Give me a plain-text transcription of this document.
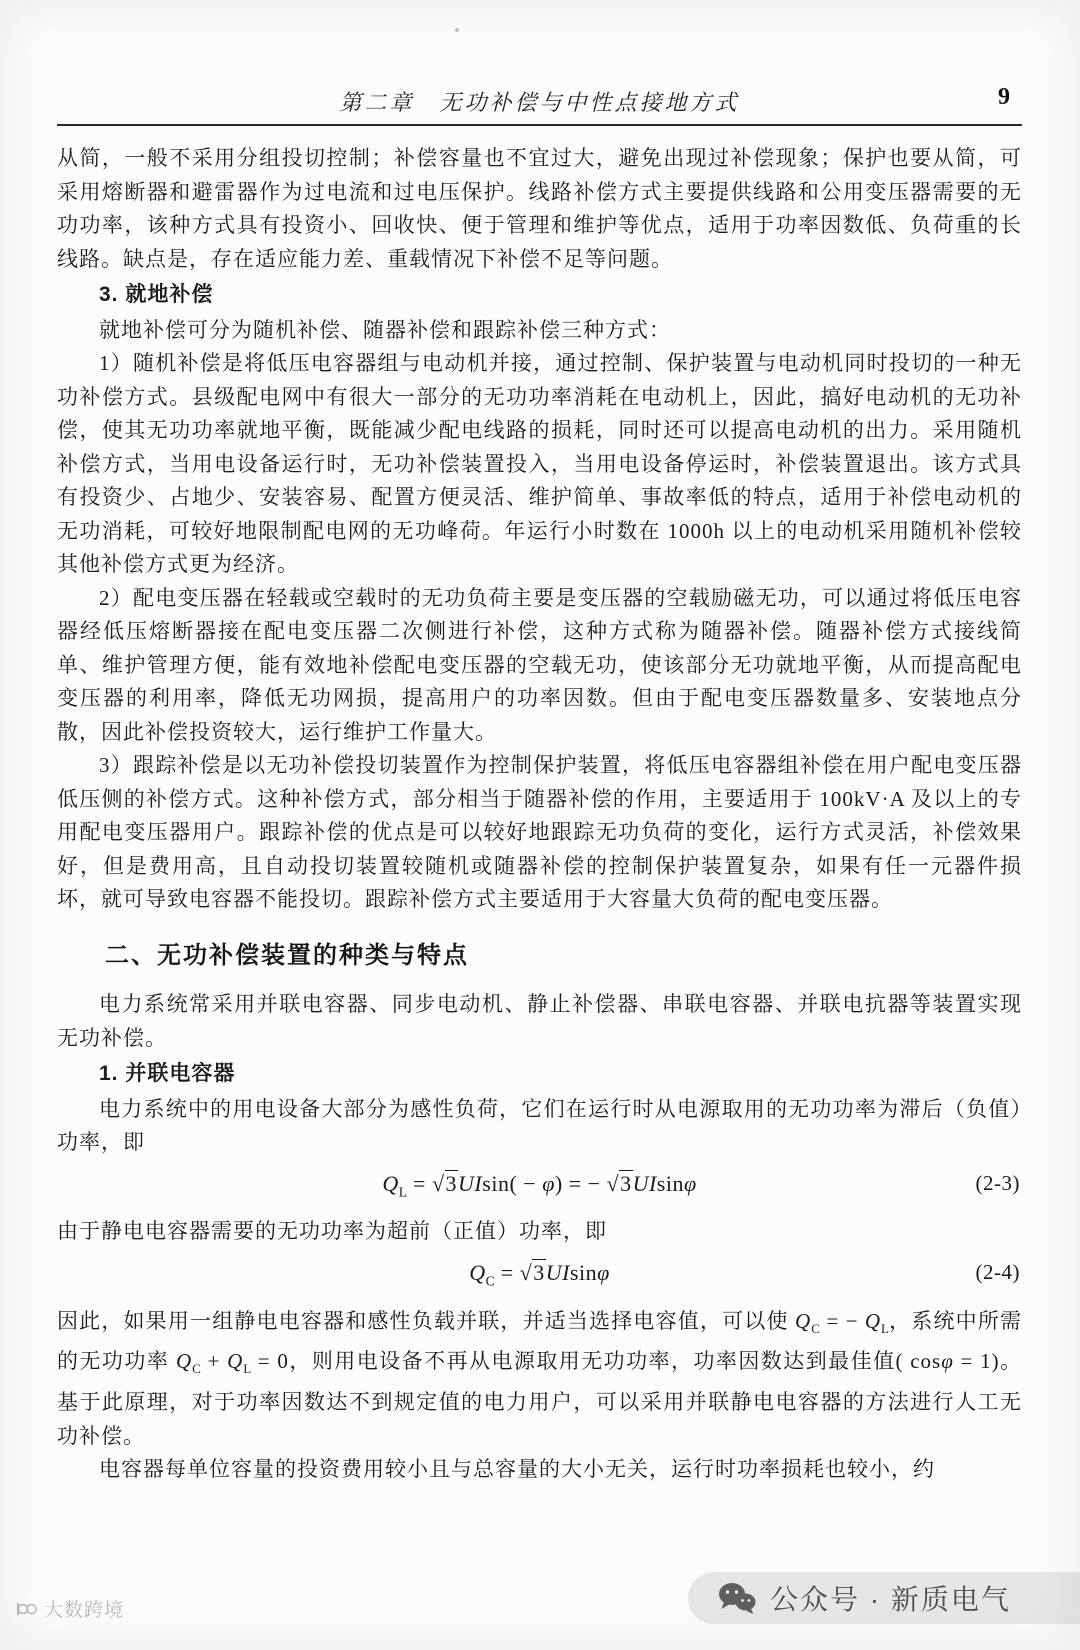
第二章　无功补偿与中性点接地方式	9

从简，一般不采用分组投切控制；补偿容量也不宜过大，避免出现过补偿现象；保护也要从简，可采用熔断器和避雷器作为过电流和过电压保护。线路补偿方式主要提供线路和公用变压器需要的无功功率，该种方式具有投资小、回收快、便于管理和维护等优点，适用于功率因数低、负荷重的长线路。缺点是，存在适应能力差、重载情况下补偿不足等问题。

3. 就地补偿

就地补偿可分为随机补偿、随器补偿和跟踪补偿三种方式：

1）随机补偿是将低压电容器组与电动机并接，通过控制、保护装置与电动机同时投切的一种无功补偿方式。县级配电网中有很大一部分的无功功率消耗在电动机上，因此，搞好电动机的无功补偿，使其无功功率就地平衡，既能减少配电线路的损耗，同时还可以提高电动机的出力。采用随机补偿方式，当用电设备运行时，无功补偿装置投入，当用电设备停运时，补偿装置退出。该方式具有投资少、占地少、安装容易、配置方便灵活、维护简单、事故率低的特点，适用于补偿电动机的无功消耗，可较好地限制配电网的无功峰荷。年运行小时数在 1000h 以上的电动机采用随机补偿较其他补偿方式更为经济。

2）配电变压器在轻载或空载时的无功负荷主要是变压器的空载励磁无功，可以通过将低压电容器经低压熔断器接在配电变压器二次侧进行补偿，这种方式称为随器补偿。随器补偿方式接线简单、维护管理方便，能有效地补偿配电变压器的空载无功，使该部分无功就地平衡，从而提高配电变压器的利用率，降低无功网损，提高用户的功率因数。但由于配电变压器数量多、安装地点分散，因此补偿投资较大，运行维护工作量大。

3）跟踪补偿是以无功补偿投切装置作为控制保护装置，将低压电容器组补偿在用户配电变压器低压侧的补偿方式。这种补偿方式，部分相当于随器补偿的作用，主要适用于 100kV·A 及以上的专用配电变压器用户。跟踪补偿的优点是可以较好地跟踪无功负荷的变化，运行方式灵活，补偿效果好，但是费用高，且自动投切装置较随机或随器补偿的控制保护装置复杂，如果有任一元器件损坏，就可导致电容器不能投切。跟踪补偿方式主要适用于大容量大负荷的配电变压器。

二、无功补偿装置的种类与特点

电力系统常采用并联电容器、同步电动机、静止补偿器、串联电容器、并联电抗器等装置实现无功补偿。

1. 并联电容器

电力系统中的用电设备大部分为感性负荷，它们在运行时从电源取用的无功功率为滞后（负值）功率，即

$Q_L = √3UIsin( - \varphi)$ = − √3UIsinφ	(2-3)

由于静电电容器需要的无功功率为超前（正值）功率，即

$Q_C = √3UIsin\varphi$	(2-4)

因此，如果用一组静电电容器和感性负载并联，并适当选择电容值，可以使 $Q_C$ = − $Q_L$，系统中所需的无功功率 $Q_C + Q_L = 0$，则用电设备不再从电源取用无功功率，功率因数达到最佳值( cosφ = 1)。基于此原理，对于功率因数达不到规定值的电力用户，可以采用并联静电电容器的方法进行人工无功补偿。

电容器每单位容量的投资费用较小且与总容量的大小无关，运行时功率损耗也较小，约

大数跨境	公众号 · 新质电气
